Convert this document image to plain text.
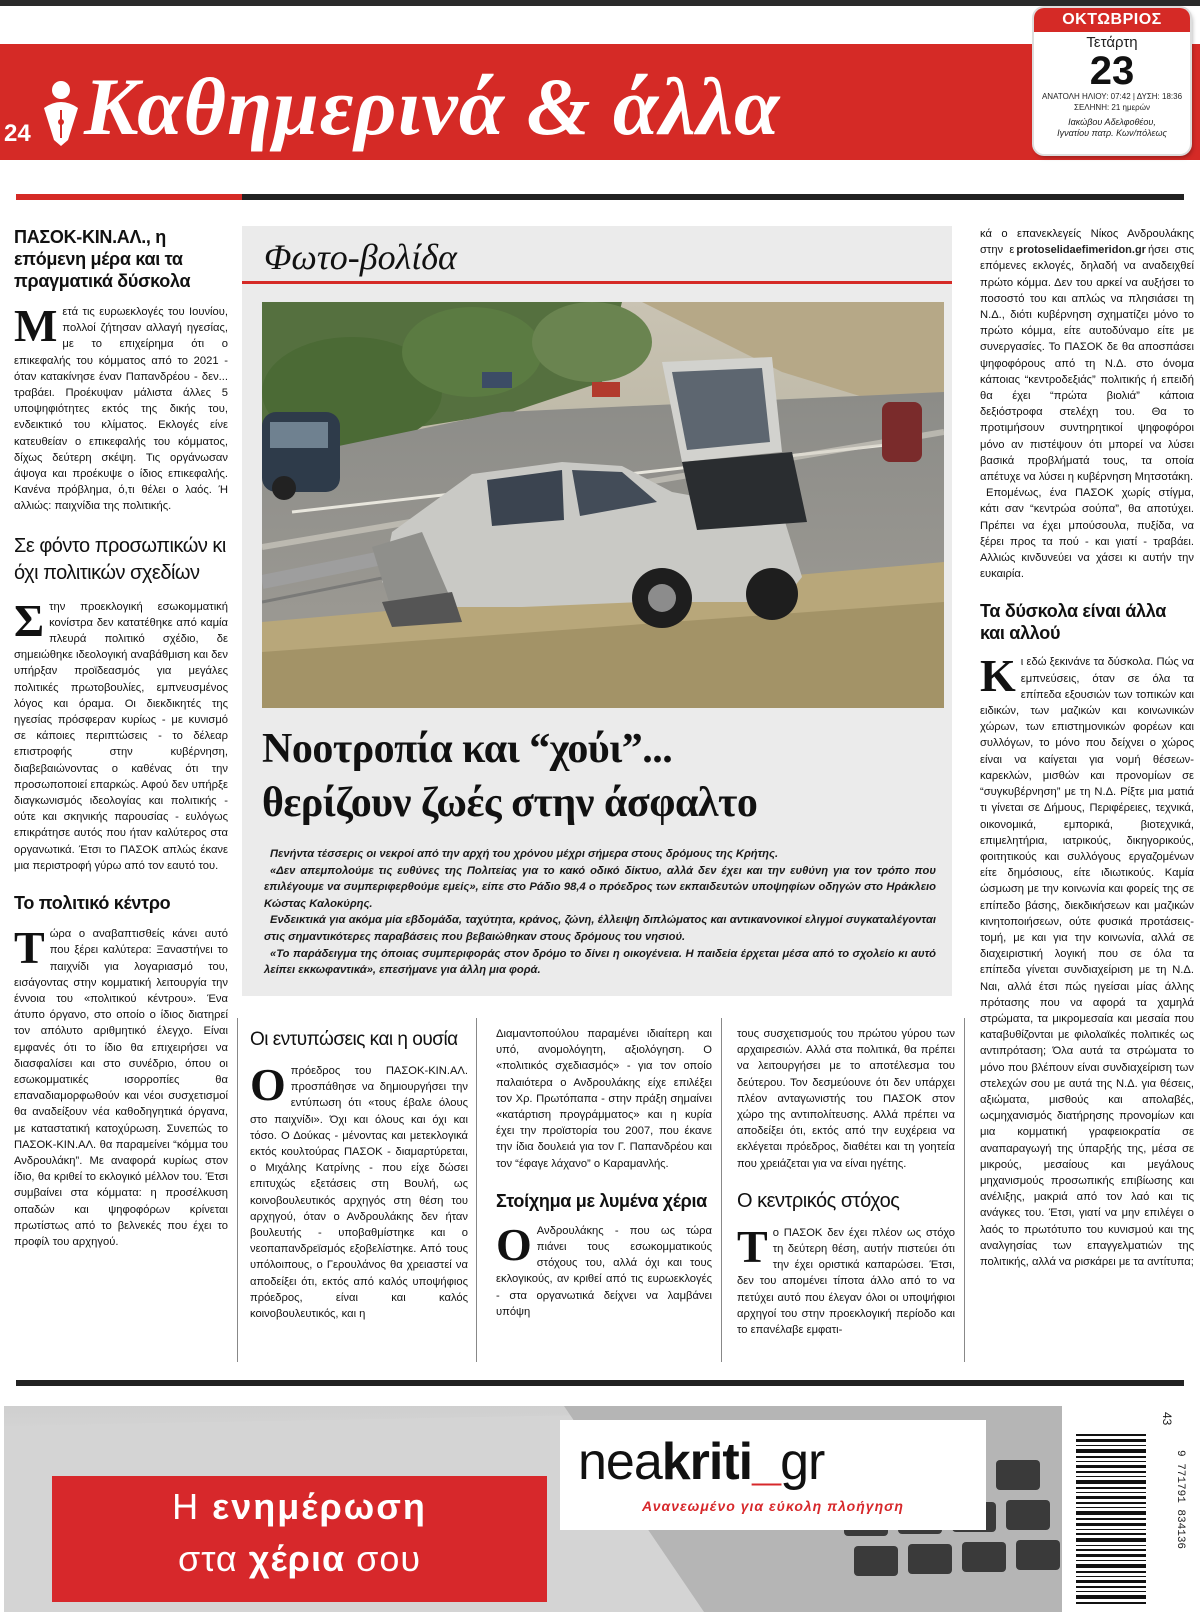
24 Καθημερινά & άλλα
ΟΚΤΩΒΡΙΟΣ
Τετάρτη
23
ΑΝΑΤΟΛΗ ΗΛΙΟΥ: 07:42 | ΔΥΣΗ: 18:36
ΣΕΛΗΝΗ: 21 ημερών
Ιακώβου Αδελφοθέου,
Ιγνατίου πατρ. Κων/πόλεως
ΠΑΣΟΚ-ΚΙΝ.ΑΛ., η επόμενη μέρα και τα πραγματικά δύσκολα
Μετά τις ευρωεκλογές του Ιουνίου, πολλοί ζήτησαν αλλαγή ηγεσίας, με το επιχείρημα ότι ο επικεφαλής του κόμματος από το 2021 - όταν κατακίνησε έναν Παπανδρέου - δεν... τραβάει. Προέκυψαν μάλιστα άλλες 5 υποψηφιότητες εκτός της δικής του, ενδεικτικό του κλίματος. Εκλογές είνε κατευθείαν ο επικεφαλής του κόμματος, δίχως δεύτερη σκέψη. Τις οργάνωσαν άψογα και προέκυψε ο ίδιος επικεφαλής. Κανένα πρόβλημα, ό,τι θέλει ο λαός. Ή αλλιώς: παιχνίδια της πολιτικής.
Σε φόντο προσωπικών κι όχι πολιτικών σχεδίων
Στην προεκλογική εσωκομματική κονίστρα δεν κατατέθηκε από καμία πλευρά πολιτικό σχέδιο, δε σημειώθηκε ιδεολογική αναβάθμιση και δεν υπήρξαν προϊδεασμός για μεγάλες πολιτικές πρωτοβουλίες, εμπνευσμένος λόγος και όραμα. Οι διεκδικητές της ηγεσίας πρόσφεραν κυρίως - με κυνισμό σε κάποιες περιπτώσεις - το δέλεαρ επιστροφής στην κυβέρνηση, διαβεβαιώνοντας ο καθένας ότι την προσωποποιεί επαρκώς. Αφού δεν υπήρξε διαγκωνισμός ιδεολογίας και πολιτικής - ούτε και σκηνικής παρουσίας - ευλόγως επικράτησε αυτός που ήταν καλύτερος στα οργανωτικά. Έτσι το ΠΑΣΟΚ απλώς έκανε μια περιστροφή γύρω από τον εαυτό του.
Το πολιτικό κέντρο
Τώρα ο αναβαπτισθείς κάνει αυτό που ξέρει καλύτερα: Ξαναστήνει το παιχνίδι για λογαριασμό του, εισάγοντας στην κομματική λειτουργία την έννοια του «πολιτικού κέντρου». Ένα άτυπο όργανο, στο οποίο ο ίδιος διατηρεί τον απόλυτο αριθμητικό έλεγχο. Είναι εμφανές ότι το ίδιο θα επιχειρήσει να διασφαλίσει και στο συνέδριο, όπου οι εσωκομματικές ισορροπίες θα επαναδιαμορφωθούν και νέοι συσχετισμοί θα αναδείξουν νέα καθοδηγητικά όργανα, με καταστατική κατοχύρωση. Συνεπώς το ΠΑΣΟΚ-ΚΙΝ.ΑΛ. θα παραμείνει “κόμμα του Ανδρουλάκη”. Με αναφορά κυρίως στον ίδιο, θα κριθεί το εκλογικό μέλλον του. Έτσι συμβαίνει στα κόμματα: η προσέλκυση οπαδών και ψηφοφόρων κρίνεται πρωτίστως από το βελνεκές που έχει το προφίλ του αρχηγού.
Φωτο-βολίδα
Νοοτροπία και “χούι”...
θερίζουν ζωές στην άσφαλτο

Πενήντα τέσσερις οι νεκροί από την αρχή του χρόνου μέχρι σήμερα στους δρόμους της Κρήτης.

«Δεν απεμπολούμε τις ευθύνες της Πολιτείας για το κακό οδικό δίκτυο, αλλά δεν έχει και την ευθύνη για τον τρόπο που επιλέγουμε να συμπεριφερθούμε εμείς», είπε στο Ράδιο 98,4 ο πρόεδρος των εκπαιδευτών υποψηφίων οδηγών στο Ηράκλειο Κώστας Καλοκύρης.

Ενδεικτικά για ακόμα μία εβδομάδα, ταχύτητα, κράνος, ζώνη, έλλειψη διπλώματος και αντικανονικοί ελιγμοί συγκαταλέγονται στις σημαντικότερες παραβάσεις που βεβαιώθηκαν στους δρόμους του νησιού.

«Το παράδειγμα της όποιας συμπεριφοράς στον δρόμο το δίνει η οικογένεια. Η παιδεία έρχεται μέσα από το σχολείο κι αυτό λείπει εκκωφαντικά», επεσήμανε για άλλη μια φορά.

Οι εντυπώσεις και η ουσία
Οπρόεδρος του ΠΑΣΟΚ-ΚΙΝ.ΑΛ. προσπάθησε να δημιουργήσει την εντύπωση ότι «τους έβαλε όλους στο παιχνίδι». Όχι και όλους και όχι και τόσο. Ο Δούκας - μένοντας και μετεκλογικά εκτός κουλτούρας ΠΑΣΟΚ - διαμαρτύρεται, ο Μιχάλης Κατρίνης - που είχε δώσει επιτυχώς εξετάσεις στη Βουλή, ως κοινοβουλευτικός αρχηγός στη θέση του αρχηγού, όταν ο Ανδρουλάκης δεν ήταν βουλευτής - υποβαθμίστηκε και ο νεοπαπανδρεϊσμός εξοβελίστηκε. Από τους υπόλοιπους, ο Γερουλάνος θα χρειαστεί να αποδείξει ότι, εκτός από καλός υποψήφιος πρόεδρος, είναι και καλός κοινοβουλευτικός, και η
Διαμαντοπούλου παραμένει ιδιαίτερη και υπό, ανομολόγητη, αξιολόγηση. Ο «πολιτικός σχεδιασμός» - για τον οποίο παλαιότερα ο Ανδρουλάκης είχε επιλέξει τον Χρ. Πρωτόπαπα - στην πράξη σημαίνει «κατάρτιση προγράμματος» και η κυρία έχει την προϊστορία του 2007, που έκανε την ίδια δουλειά για τον Γ. Παπανδρέου και τον “έφαγε λάχανο” ο Καραμανλής.
Στοίχημα με λυμένα χέρια
Ο Ανδρουλάκης - που ως τώρα πιάνει τους εσωκομματικούς στόχους του, αλλά όχι και τους εκλογικούς, αν κριθεί από τις ευρωεκλογές - στα οργανωτικά δείχνει να λαμβάνει υπόψη
τους συσχετισμούς του πρώτου γύρου των αρχαιρεσιών. Αλλά στα πολιτικά, θα πρέπει να λειτουργήσει με το αποτέλεσμα του δεύτερου. Τον δεσμεύουνε ότι δεν υπάρχει πλέον ανταγωνιστής του ΠΑΣΟΚ στον χώρο της αντιπολίτευσης. Αλλά πρέπει να αποδείξει ότι, εκτός από την ευχέρεια να εκλέγεται πρόεδρος, διαθέτει και τη γοητεία που χρειάζεται για να είναι ηγέτης.
Ο κεντρικός στόχος
Το ΠΑΣΟΚ δεν έχει πλέον ως στόχο τη δεύτερη θέση, αυτήν πιστεύει ότι την έχει οριστικά καπαρώσει. Έτσι, δεν του απομένει τίποτα άλλο από το να πετύχει αυτό που έλεγαν όλοι οι υποψήφιοι αρχηγοί του στην προεκλογική περίοδο και το επανέλαβε εμφατι-
κά ο επανεκλεγείς Νίκος Ανδρουλάκης στην ε protoselidaefimeridon.gr ήσει στις επόμενες εκλογές, δηλαδή να αναδειχθεί πρώτο κόμμα. Δεν του αρκεί να αυξήσει το ποσοστό του και απλώς να πλησιάσει τη Ν.Δ., διότι κυβέρνηση σχηματίζει μόνο το πρώτο κόμμα, είτε αυτοδύναμο είτε με συνεργασίες. Το ΠΑΣΟΚ δε θα αποσπάσει ψηφοφόρους από τη Ν.Δ. στο όνομα κάποιας “κεντροδεξιάς” πολιτικής ή επειδή θα έχει “πρώτα βιολιά” κάποια δεξιόστροφα στελέχη του. Θα το προτιμήσουν συντηρητικοί ψηφοφόροι μόνο αν πιστέψουν ότι μπορεί να λύσει βασικά προβλήματά τους, τα οποία απέτυχε να λύσει η κυβέρνηση Μητσοτάκη.
Επομένως, ένα ΠΑΣΟΚ χωρίς στίγμα, κάτι σαν “κεντρώα σούπα”, θα αποτύχει. Πρέπει να έχει μπούσουλα, πυξίδα, να ξέρει προς τα πού - και γιατί - τραβάει. Αλλιώς κινδυνεύει να χάσει κι αυτήν την ευκαιρία.
Τα δύσκολα είναι άλλα και αλλού
Κι εδώ ξεκινάνε τα δύσκολα. Πώς να εμπνεύσεις, όταν σε όλα τα επίπεδα εξουσιών των τοπικών και ειδικών, των μαζικών και κοινωνικών χώρων, των επιστημονικών φορέων και συλλόγων, το μόνο που δείχνει ο χώρος είναι να καίγεται για νομή θέσεων-καρεκλών, μισθών και προνομίων σε “συγκυβέρνηση” με τη Ν.Δ. Ρίξτε μια ματιά τι γίνεται σε Δήμους, Περιφέρειες, τεχνικά, οικονομικά, εμπορικά, βιοτεχνικά, επιμελητήρια, ιατρικούς, δικηγορικούς, φοιτητικούς και συλλόγους εργαζομένων είτε δημόσιους, είτε ιδιωτικούς. Καμία ώσμωση με την κοινωνία και φορείς της σε επίπεδο βάσης, διεκδικήσεων και μαζικών κινητοποιήσεων, ούτε φυσικά προτάσεις-τομή, με και για την κοινωνία, αλλά σε διαχειριστική λογική που σε όλα τα επίπεδα γίνεται συνδιαχείριση με τη Ν.Δ. Ναι, αλλά έτσι πώς ηγείσαι μίας άλλης πρότασης που να αφορά τα χαμηλά στρώματα, τα μικρομεσαία και μεσαία που καταβυθίζονται με φιλολαϊκές πολιτικές ως αντιπρόταση; Όλα αυτά τα στρώματα το μόνο που βλέπουν είναι συνδιαχείριση των στελεχών σου με αυτά της Ν.Δ. για θέσεις, αξιώματα, μισθούς και απολαβές, ωςμηχανισμός διατήρησης προνομίων και μια κομματική γραφειοκρατία σε αναπαραγωγή της ύπαρξής της, μέσα σε μικρούς, μεσαίους και μεγάλους μηχανισμούς προσωπικής επιβίωσης και ανέλιξης, μακριά από τον λαό και τις ανάγκες του. Έτσι, γιατί να μην επιλέγει ο λαός το πρωτότυπο του κυνισμού και της αναλγησίας των επαγγελματιών της πολιτικής, αλλά να ρισκάρει με τα αντίτυπα;
Η ενημέρωση
στα χέρια σου
neakriti_gr
Ανανεωμένο για εύκολη πλοήγηση
43
9 771791 834136
